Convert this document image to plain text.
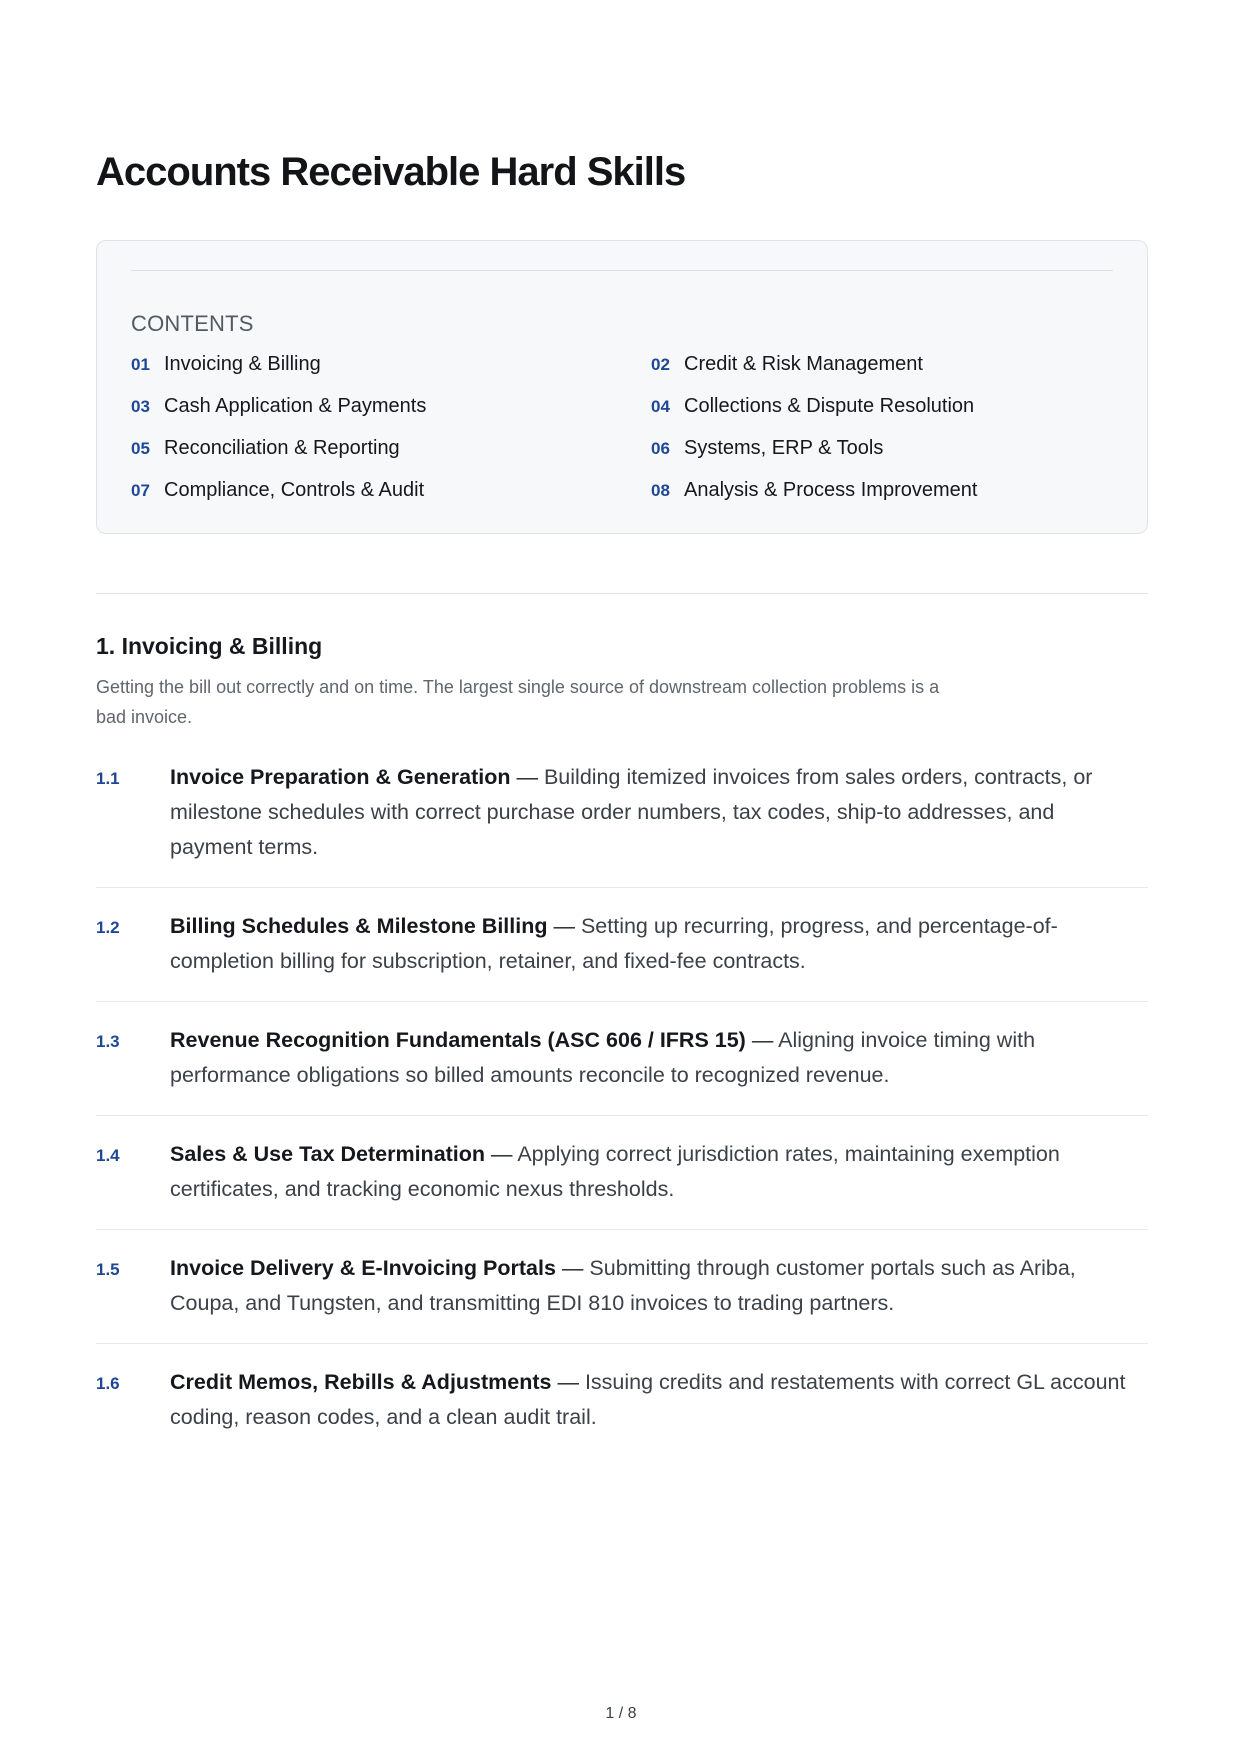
Accounts Receivable Hard Skills
CONTENTS
01 Invoicing & Billing	02 Credit & Risk Management
03 Cash Application & Payments	04 Collections & Dispute Resolution
05 Reconciliation & Reporting	06 Systems, ERP & Tools
07 Compliance, Controls & Audit	08 Analysis & Process Improvement
1. Invoicing & Billing

Getting the bill out correctly and on time. The largest single source of downstream collection problems is a bad invoice.

1.1	Invoice Preparation & Generation — Building itemized invoices from sales orders, contracts, or milestone schedules with correct purchase order numbers, tax codes, ship-to addresses, and payment terms.
1.2	Billing Schedules & Milestone Billing — Setting up recurring, progress, and percentage-of-completion billing for subscription, retainer, and fixed-fee contracts.
1.3	Revenue Recognition Fundamentals (ASC 606 / IFRS 15) — Aligning invoice timing with performance obligations so billed amounts reconcile to recognized revenue.
1.4	Sales & Use Tax Determination — Applying correct jurisdiction rates, maintaining exemption certificates, and tracking economic nexus thresholds.
1.5	Invoice Delivery & E-Invoicing Portals — Submitting through customer portals such as Ariba, Coupa, and Tungsten, and transmitting EDI 810 invoices to trading partners.
1.6	Credit Memos, Rebills & Adjustments — Issuing credits and restatements with correct GL account coding, reason codes, and a clean audit trail.
1 / 8
